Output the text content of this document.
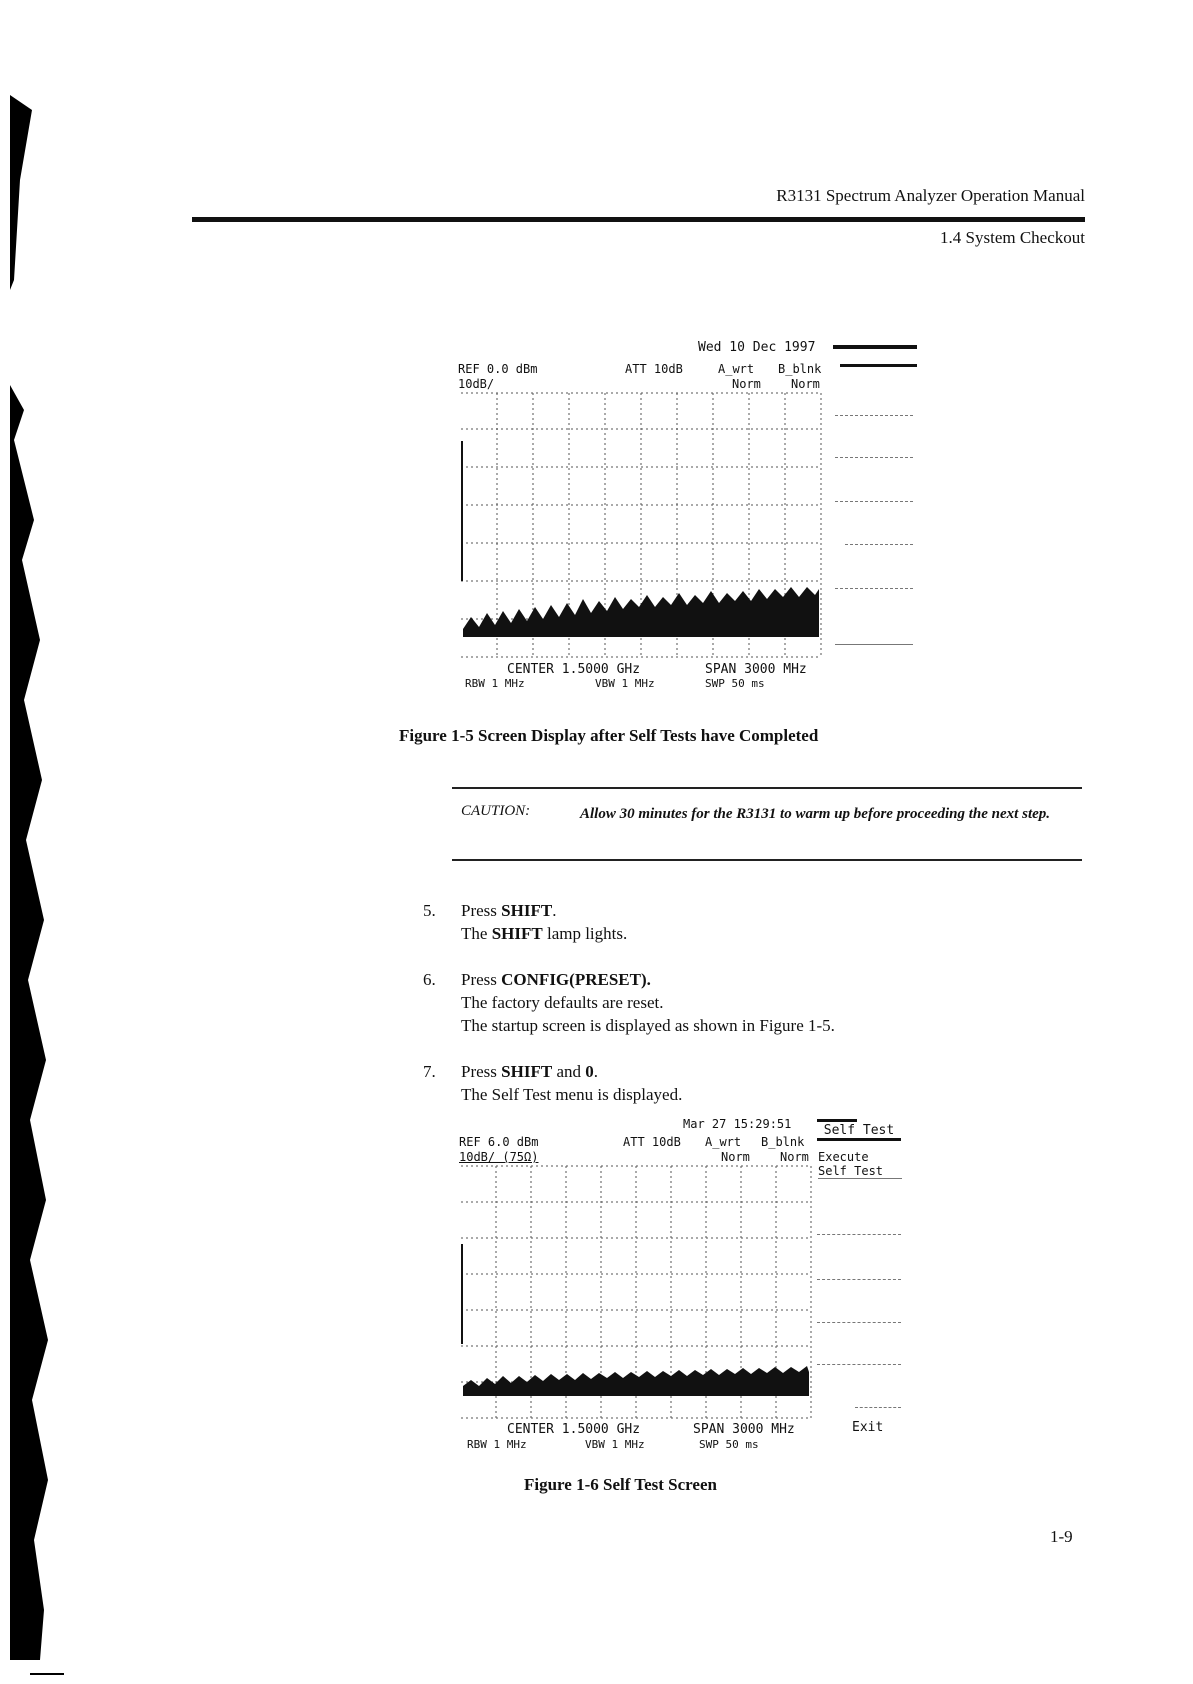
R3131 Spectrum Analyzer Operation Manual
1.4 System Checkout
Wed 10 Dec 1997
REF 0.0 dBm
10dB/
ATT 10dB	A_wrt B_blnk
Norm	Norm
CENTER 1.5000 GHz	SPAN 3000 MHz
RBW 1 MHz	VBW 1 MHz	SWP 50 ms
Figure 1-5 Screen Display after Self Tests have Completed
CAUTION:	Allow 30 minutes for the R3131 to warm up before proceeding the next step.
5. Press SHIFT.
The SHIFT lamp lights.
6. Press CONFIG(PRESET).
The factory defaults are reset.
The startup screen is displayed as shown in Figure 1-5.
7. Press SHIFT and 0.
The Self Test menu is displayed.
Mar 27 15:29:51	Self Test
REF 6.0 dBm
10dB/ (75Ω)
ATT 10dB A_wrt B_blnk
Norm	Norm Execute
Self Test
Exit
CENTER 1.5000 GHz	SPAN 3000 MHz
RBW 1 MHz	VBW 1 MHz	SWP 50 ms
Figure 1-6 Self Test Screen
1-9
